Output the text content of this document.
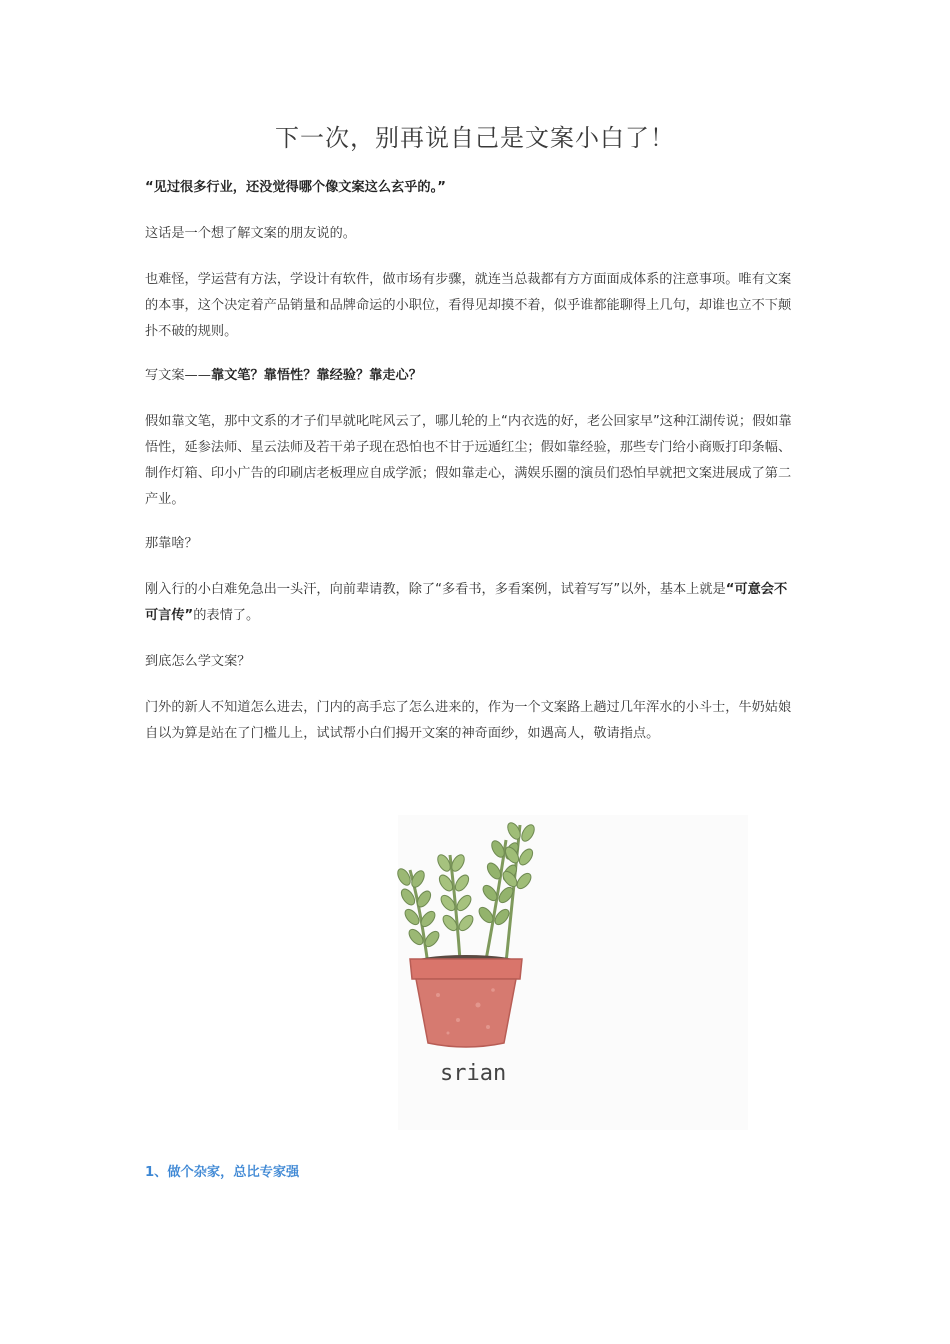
下一次，别再说自己是文案小白了！

“见过很多行业，还没觉得哪个像文案这么玄乎的。”

这话是一个想了解文案的朋友说的。

也难怪，学运营有方法，学设计有软件，做市场有步骤，就连当总裁都有方方面面成体系的注意事项。唯有文案的本事，这个决定着产品销量和品牌命运的小职位，看得见却摸不着，似乎谁都能聊得上几句，却谁也立不下颠扑不破的规则。

写文案——靠文笔？靠悟性？靠经验？靠走心？

假如靠文笔，那中文系的才子们早就叱咤风云了，哪儿轮的上“内衣选的好，老公回家早”这种江湖传说；假如靠悟性，延参法师、星云法师及若干弟子现在恐怕也不甘于远遁红尘；假如靠经验，那些专门给小商贩打印条幅、制作灯箱、印小广告的印刷店老板理应自成学派；假如靠走心，满娱乐圈的演员们恐怕早就把文案进展成了第二产业。

那靠啥？

刚入行的小白难免急出一头汗，向前辈请教，除了“多看书，多看案例，试着写写”以外，基本上就是“可意会不可言传”的表情了。

到底怎么学文案？

门外的新人不知道怎么进去，门内的高手忘了怎么进来的，作为一个文案路上趟过几年浑水的小斗士，牛奶姑娘自以为算是站在了门槛儿上，试试帮小白们揭开文案的神奇面纱，如遇高人，敬请指点。

srian
1、做个杂家，总比专家强
